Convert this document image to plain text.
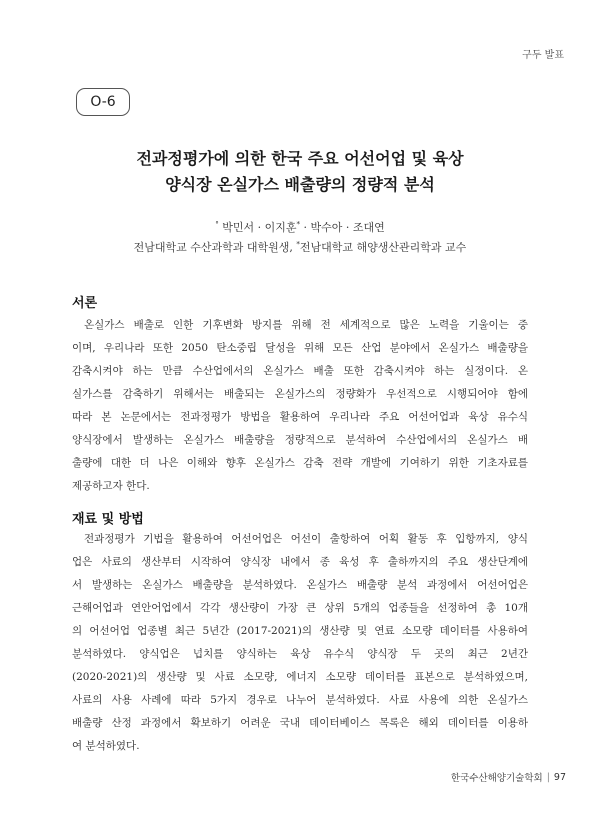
구두 발표
O-6
전과정평가에 의한 한국 주요 어선어업 및 육상
양식장 온실가스 배출량의 정량적 분석
° 박민서 · 이지훈* · 박수아 · 조대연
전남대학교 수산과학과 대학원생, *전남대학교 해양생산관리학과 교수
서론
온실가스 배출로 인한 기후변화 방지를 위해 전 세계적으로 많은 노력을 기울이는 중
이며, 우리나라 또한 2050 탄소중립 달성을 위해 모든 산업 분야에서 온실가스 배출량을
감축시켜야 하는 만큼 수산업에서의 온실가스 배출 또한 감축시켜야 하는 실정이다. 온
실가스를 감축하기 위해서는 배출되는 온실가스의 정량화가 우선적으로 시행되어야 함에
따라 본 논문에서는 전과정평가 방법을 활용하여 우리나라 주요 어선어업과 육상 유수식
양식장에서 발생하는 온실가스 배출량을 정량적으로 분석하여 수산업에서의 온실가스 배
출량에 대한 더 나은 이해와 향후 온실가스 감축 전략 개발에 기여하기 위한 기초자료를
제공하고자 한다.
재료 및 방법
전과정평가 기법을 활용하여 어선어업은 어선이 출항하여 어획 활동 후 입항까지, 양식
업은 사료의 생산부터 시작하여 양식장 내에서 종 육성 후 출하까지의 주요 생산단계에
서 발생하는 온실가스 배출량을 분석하였다. 온실가스 배출량 분석 과정에서 어선어업은
근해어업과 연안어업에서 각각 생산량이 가장 큰 상위 5개의 업종들을 선정하여 총 10개
의 어선어업 업종별 최근 5년간 (2017-2021)의 생산량 및 연료 소모량 데이터를 사용하여
분석하였다. 양식업은 넙치를 양식하는 육상 유수식 양식장 두 곳의 최근 2년간
(2020-2021)의 생산량 및 사료 소모량, 에너지 소모량 데이터를 표본으로 분석하였으며,
사료의 사용 사례에 따라 5가지 경우로 나누어 분석하였다. 사료 사용에 의한 온실가스
배출량 산정 과정에서 확보하기 어려운 국내 데이터베이스 목록은 해외 데이터를 이용하
여 분석하였다.
한국수산해양기술학회 | 97
